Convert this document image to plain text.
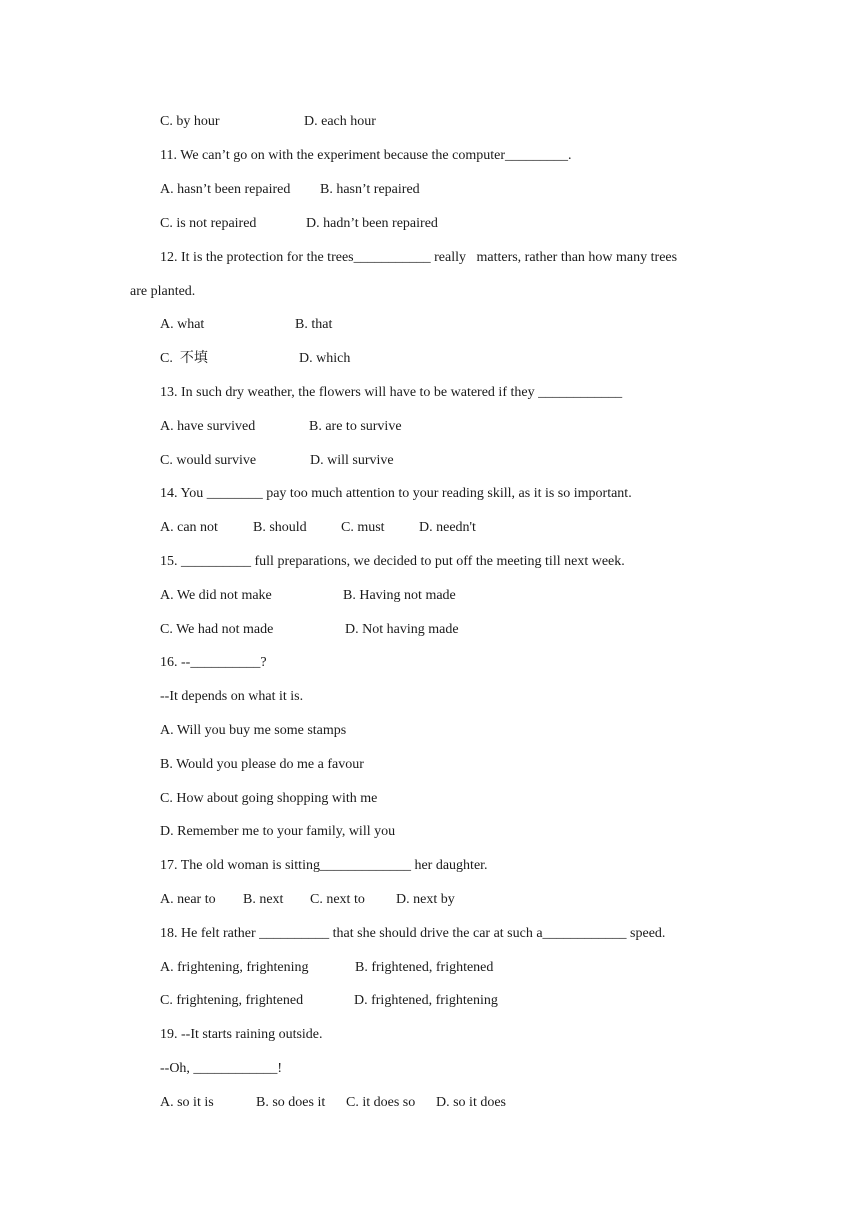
C. by hour

	D. each hour

11. We can’t go on with the experiment because the computer_________.

A. hasn’t been repaired

B. hasn’t repaired

C. is not repaired

	D. hadn’t been repaired

12. It is the protection for the trees___________ really   matters, rather than how many trees

are planted.

A. what

	B. that

C.  不填

	D. which

13. In such dry weather, the flowers will have to be watered if they ____________

A. have survived

	B. are to survive

C. would survive

	D. will survive

14. You ________ pay too much attention to your reading skill, as it is so important.

A. can not

	B. should

C. must

D. needn't

15. __________ full preparations, we decided to put off the meeting till next week.

A. We did not make

	B. Having not made

C. We had not made

	D. Not having made

16. --__________?

--It depends on what it is.

A. Will you buy me some stamps

B. Would you please do me a favour

C. How about going shopping with me

D. Remember me to your family, will you

17. The old woman is sitting_____________ her daughter.

A. near to

B. next

C. next to

D. next by

18. He felt rather __________ that she should drive the car at such a____________ speed.

A. frightening, frightening

	B. frightened, frightened

C. frightening, frightened

	D. frightened, frightening

19. --It starts raining outside.

--Oh, ____________!

A. so it is

	B. so does it

C. it does so

D. so it does
